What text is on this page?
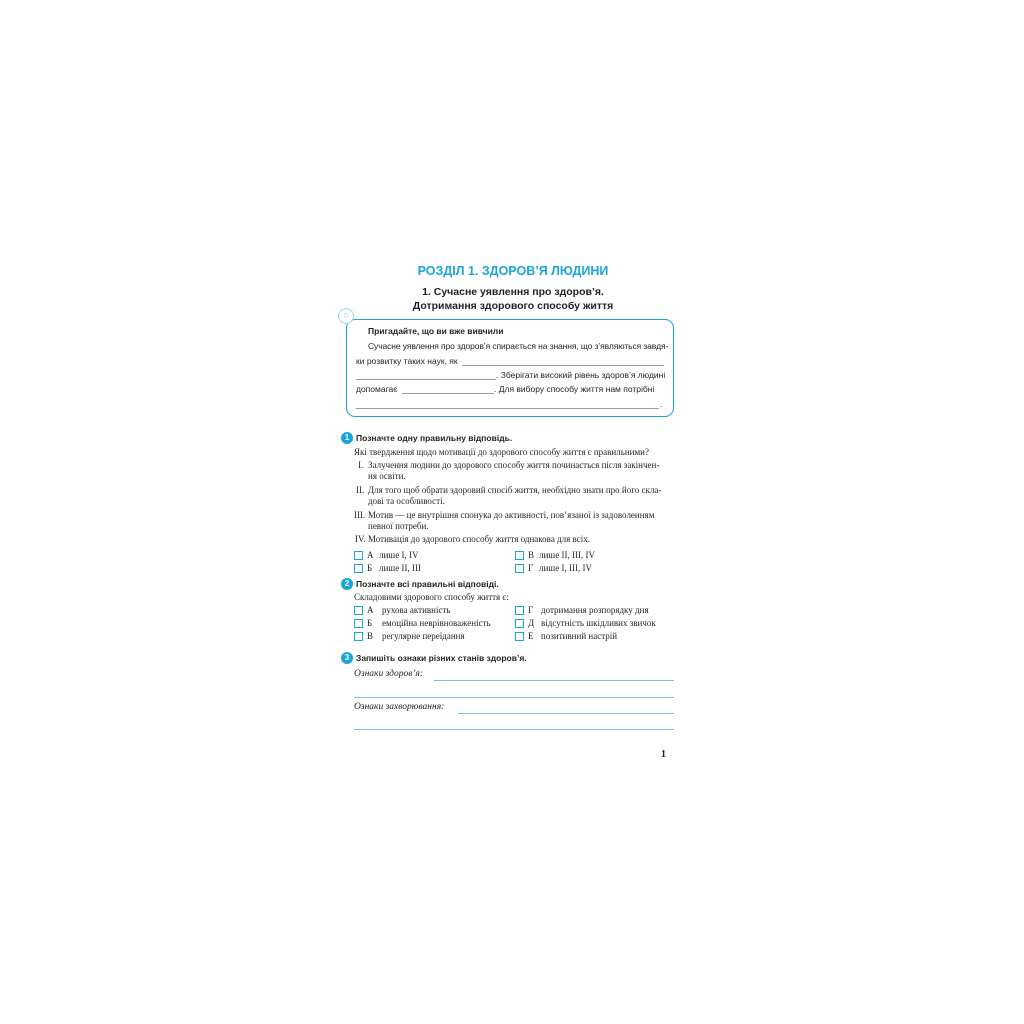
РОЗДІЛ 1. ЗДОРОВ’Я ЛЮДИНИ
1. Сучасне уявлення про здоров’я.
Дотримання здорового способу життя
○
Пригадайте, що ви вже вивчили
Сучасне уявлення про здоров’я спирається на знання, що з’являються завдя-
ки розвитку таких наук, як
. Зберігати високий рівень здоров’я людині
допомагає	. Для вибору способу життя нам потрібні
.
1 Позначте одну правильну відповідь.
Які твердження щодо мотивації до здорового способу життя є правильними?
I. Залучення людини до здорового способу життя починається після закінчен-
ня освіти.
II. Для того щоб обрати здоровий спосіб життя, необхідно знати про його скла-
дові та особливості.
III. Мотив — це внутрішня спонука до активності, пов’язаної із задоволенням
певної потреби.
IV. Мотивація до здорового способу життя однакова для всіх.
А лише I, IV
Б лише II, III
В лише II, III, IV
Г лише I, III, IV
2 Позначте всі правильні відповіді.
Складовими здорового способу життя є:
А рухова активність
Б емоційна неврівноваженість
В регулярне переїдання
Г дотримання розпорядку дня
Д відсутність шкідливих звичок
Е позитивний настрій
3 Запишіть ознаки різних станів здоров’я.
Ознаки здоров’я:
Ознаки захворювання:
1
